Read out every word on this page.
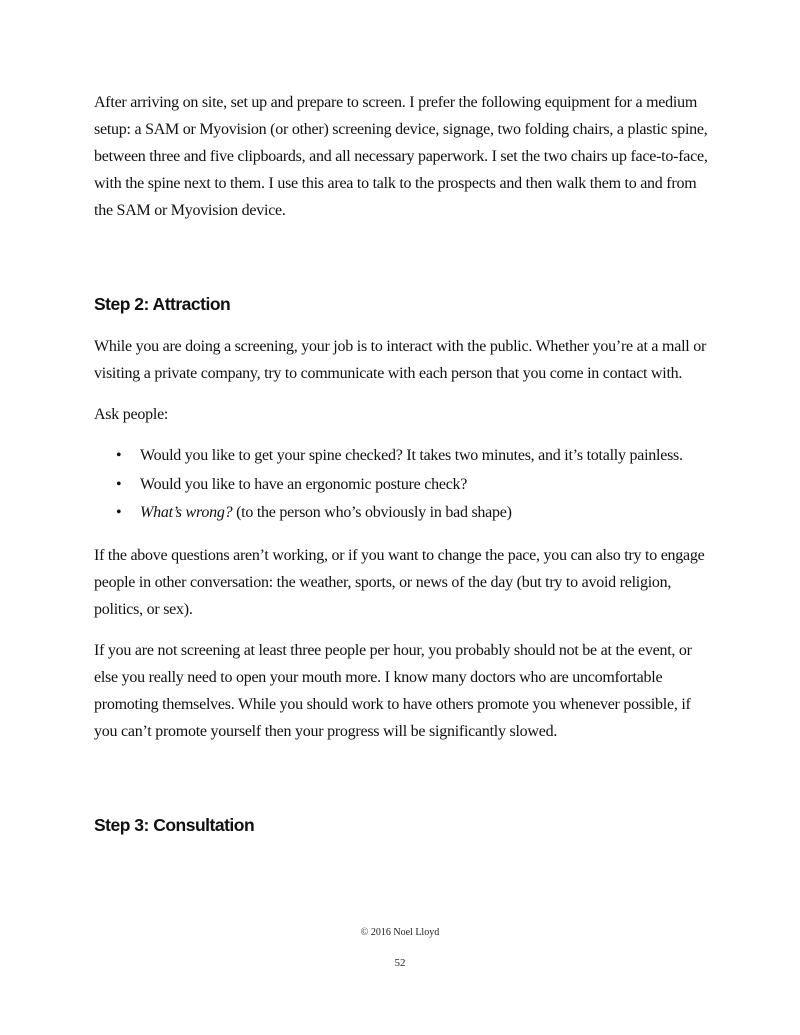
After arriving on site, set up and prepare to screen. I prefer the following equipment for a medium setup: a SAM or Myovision (or other) screening device, signage, two folding chairs, a plastic spine, between three and five clipboards, and all necessary paperwork. I set the two chairs up face-to-face, with the spine next to them. I use this area to talk to the prospects and then walk them to and from the SAM or Myovision device.

Step 2: Attraction

While you are doing a screening, your job is to interact with the public. Whether you’re at a mall or visiting a private company, try to communicate with each person that you come in contact with.

Ask people:

• Would you like to get your spine checked? It takes two minutes, and it’s totally painless.
• Would you like to have an ergonomic posture check?
• What’s wrong? (to the person who’s obviously in bad shape)

If the above questions aren’t working, or if you want to change the pace, you can also try to engage people in other conversation: the weather, sports, or news of the day (but try to avoid religion, politics, or sex).

If you are not screening at least three people per hour, you probably should not be at the event, or else you really need to open your mouth more. I know many doctors who are uncomfortable promoting themselves. While you should work to have others promote you whenever possible, if you can’t promote yourself then your progress will be significantly slowed.

Step 3: Consultation
© 2016 Noel Lloyd
52
